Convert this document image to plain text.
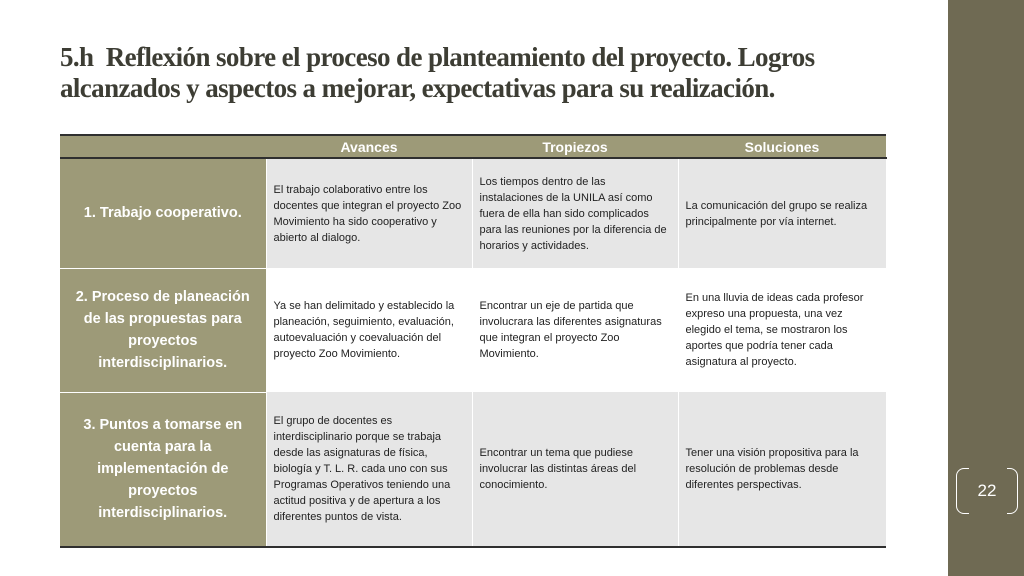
22
5.h Reflexión sobre el proceso de planteamiento del proyecto. Logros alcanzados y aspectos a mejorar, expectativas para su realización.
	Avances	Tropiezos	Soluciones
1. Trabajo cooperativo.	El trabajo colaborativo entre los docentes que integran el proyecto Zoo Movimiento ha sido cooperativo y abierto al dialogo.	Los tiempos dentro de las instalaciones de la UNILA así como fuera de ella han sido complicados para las reuniones por la diferencia de horarios y actividades.	La comunicación del grupo se realiza principalmente por vía internet.
2. Proceso de planeación de las propuestas para proyectos interdisciplinarios.	Ya se han delimitado y establecido la planeación, seguimiento, evaluación, autoevaluación y coevaluación del proyecto Zoo Movimiento.	Encontrar un eje de partida que involucrara las diferentes asignaturas que integran el proyecto Zoo Movimiento.	En una lluvia de ideas cada profesor expreso una propuesta, una vez elegido el tema, se mostraron los aportes que podría tener cada asignatura al proyecto.
3. Puntos a tomarse en cuenta para la implementación de proyectos interdisciplinarios.	El grupo de docentes es interdisciplinario porque se trabaja desde las asignaturas de física, biología y T. L. R. cada uno con sus Programas Operativos teniendo una actitud positiva y de apertura a los diferentes puntos de vista.	Encontrar un tema que pudiese involucrar las distintas áreas del conocimiento.	Tener una visión propositiva para la resolución de problemas desde diferentes perspectivas.
